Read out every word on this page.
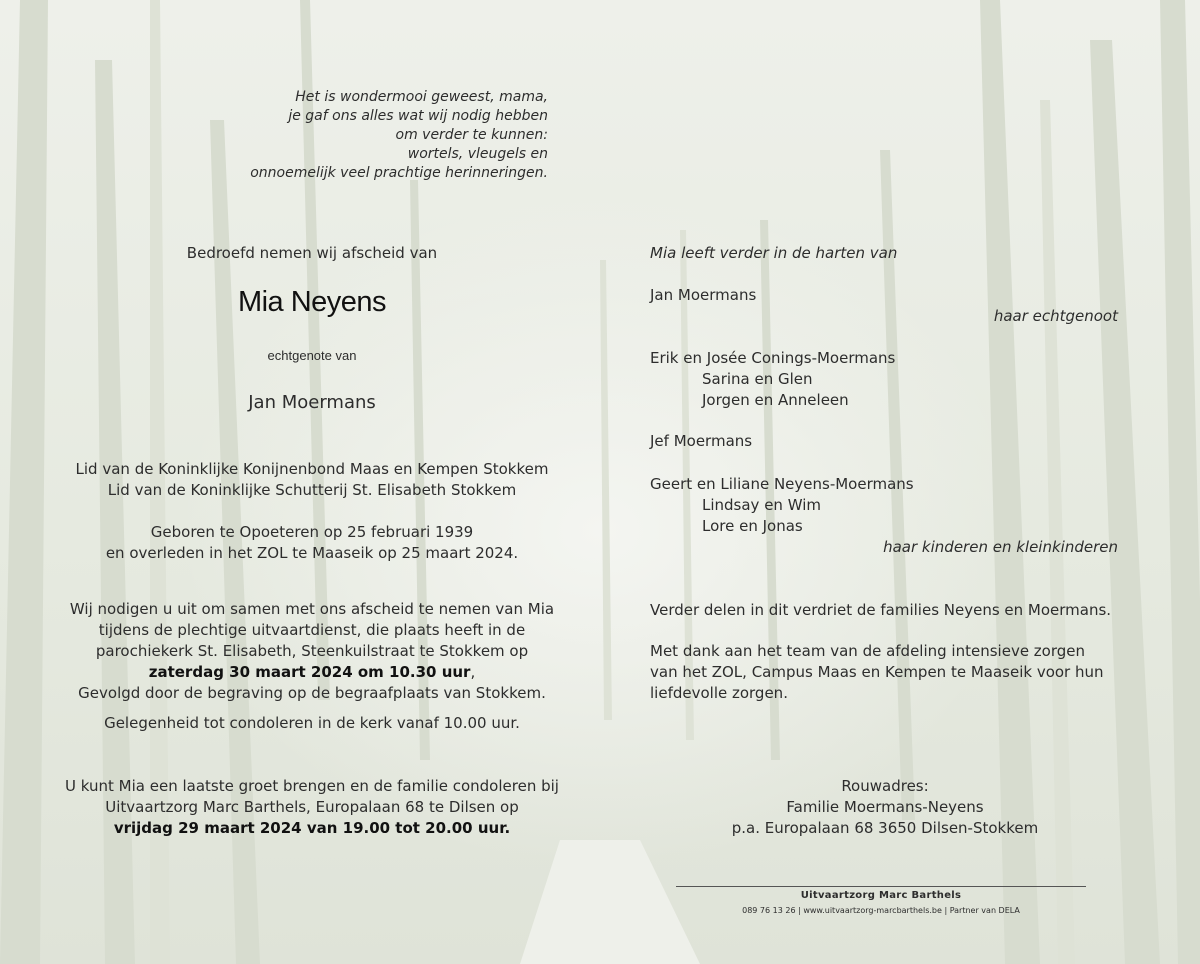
Het is wondermooi geweest, mama,
je gaf ons alles wat wij nodig hebben
om verder te kunnen:
wortels, vleugels en
onnoemelijk veel prachtige herinneringen.
Bedroefd nemen wij afscheid van
Mia Neyens
echtgenote van
Jan Moermans
Lid van de Koninklijke Konijnenbond Maas en Kempen Stokkem
Lid van de Koninklijke Schutterij St. Elisabeth Stokkem
Geboren te Opoeteren op 25 februari 1939
en overleden in het ZOL te Maaseik op 25 maart 2024.
Wij nodigen u uit om samen met ons afscheid te nemen van Mia
tijdens de plechtige uitvaartdienst, die plaats heeft in de
parochiekerk St. Elisabeth, Steenkuilstraat te Stokkem op
zaterdag 30 maart 2024 om 10.30 uur,
Gevolgd door de begraving op de begraafplaats van Stokkem.
Gelegenheid tot condoleren in de kerk vanaf 10.00 uur.
U kunt Mia een laatste groet brengen en de familie condoleren bij
Uitvaartzorg Marc Barthels, Europalaan 68 te Dilsen op
vrijdag 29 maart 2024 van 19.00 tot 20.00 uur.
Mia leeft verder in de harten van
Jan Moermans
haar echtgenoot
Erik en Josée Conings-Moermans
Sarina en Glen
Jorgen en Anneleen
Jef Moermans
Geert en Liliane Neyens-Moermans
Lindsay en Wim
Lore en Jonas
haar kinderen en kleinkinderen
Verder delen in dit verdriet de families Neyens en Moermans.
Met dank aan het team van de afdeling intensieve zorgen
van het ZOL, Campus Maas en Kempen te Maaseik voor hun
liefdevolle zorgen.
Rouwadres:
Familie Moermans-Neyens
p.a. Europalaan 68 3650 Dilsen-Stokkem
Uitvaartzorg Marc Barthels
089 76 13 26 | www.uitvaartzorg-marcbarthels.be | Partner van DELA
